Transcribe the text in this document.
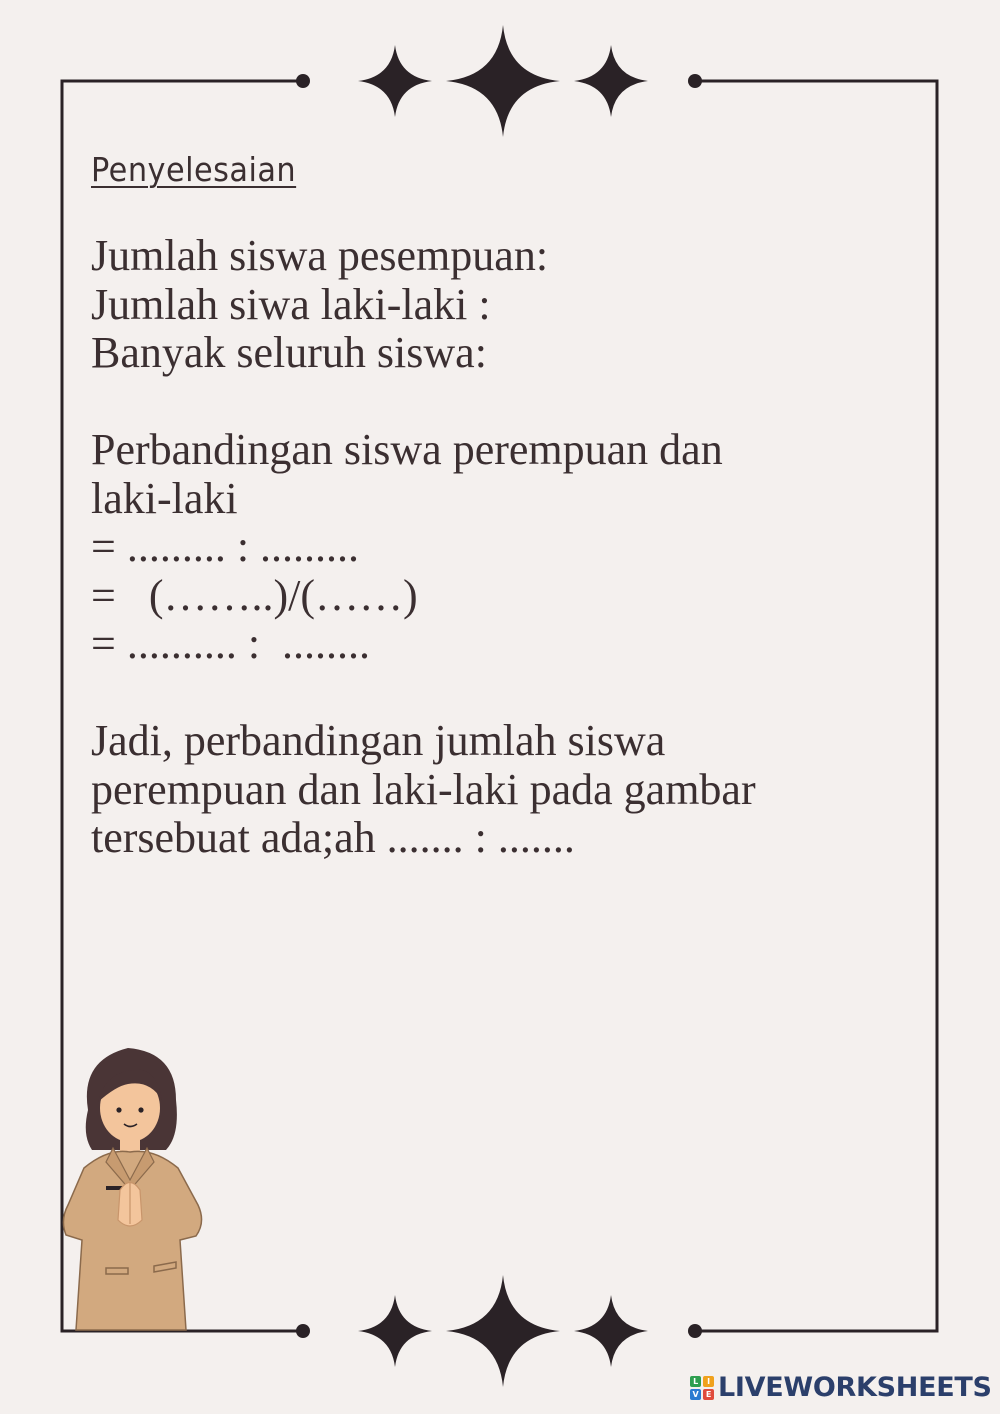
Penyelesaian
Jumlah siswa pesempuan:
Jumlah siwa laki-laki :
Banyak seluruh siswa:
Perbandingan siswa perempuan dan
laki-laki
= ......... : .........
=   (……..)/(……)
= .......... :  ........
Jadi, perbandingan jumlah siswa
perempuan dan laki-laki pada gambar
tersebuat ada;ah ....... : .......
L	I
V E LIVEWORKSHEETS
